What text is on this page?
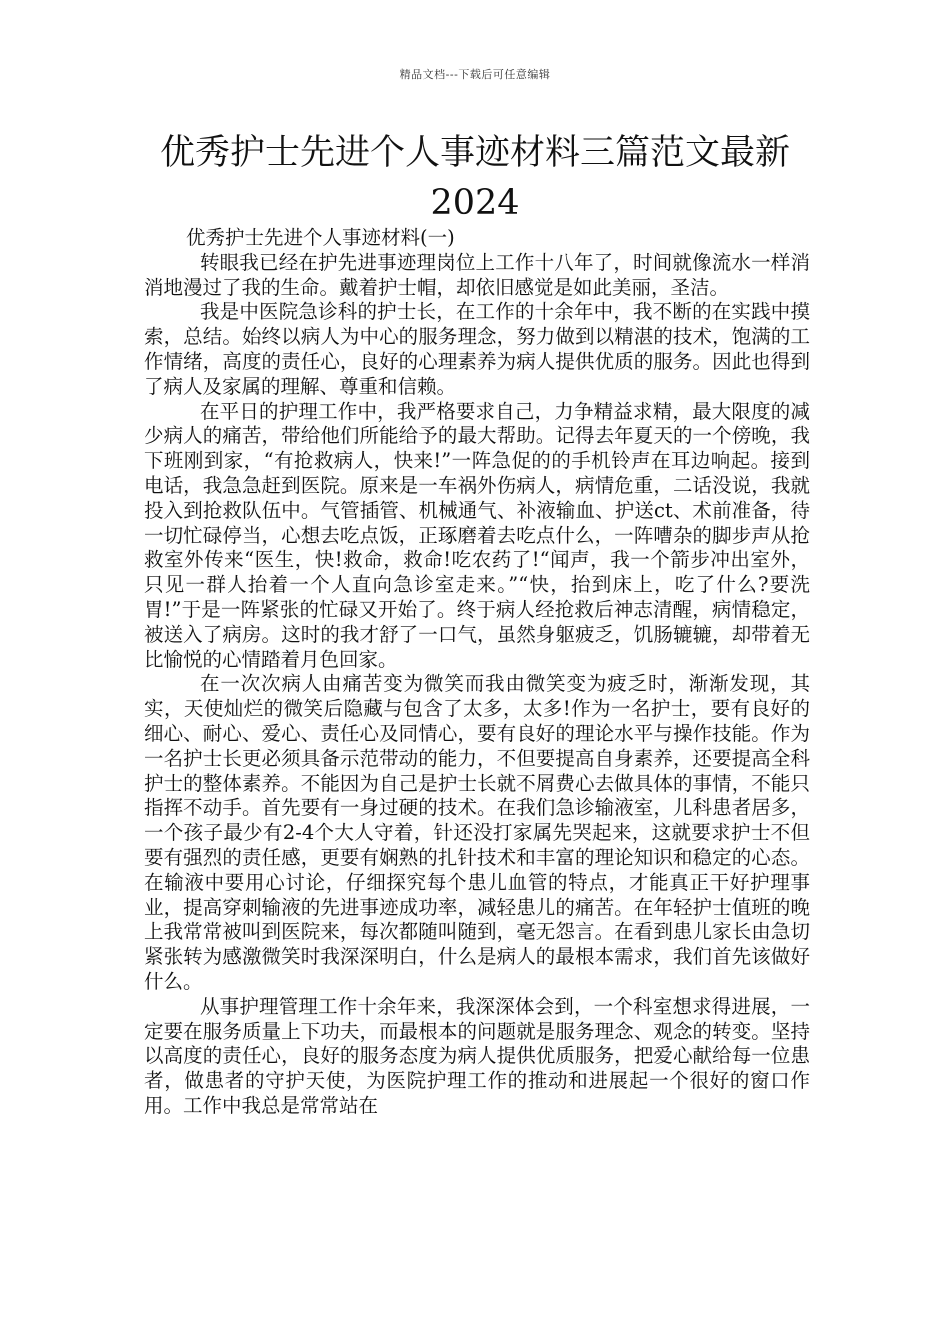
精品文档---下载后可任意编辑
优秀护士先进个人事迹材料三篇范文最新2024
优秀护士先进个人事迹材料(一)

转眼我已经在护先进事迹理岗位上工作十八年了，时间就像流水一样消消地漫过了我的生命。戴着护士帽，却依旧感觉是如此美丽，圣洁。

我是中医院急诊科的护士长，在工作的十余年中，我不断的在实践中摸索，总结。始终以病人为中心的服务理念，努力做到以精湛的技术，饱满的工作情绪，高度的责任心，良好的心理素养为病人提供优质的服务。因此也得到了病人及家属的理解、尊重和信赖。

在平日的护理工作中，我严格要求自己，力争精益求精，最大限度的减少病人的痛苦，带给他们所能给予的最大帮助。记得去年夏天的一个傍晚，我下班刚到家，“有抢救病人，快来!”一阵急促的的手机铃声在耳边响起。接到电话，我急急赶到医院。原来是一车祸外伤病人，病情危重，二话没说，我就投入到抢救队伍中。气管插管、机械通气、补液输血、护送ct、术前准备，待一切忙碌停当，心想去吃点饭，正琢磨着去吃点什么，一阵嘈杂的脚步声从抢救室外传来“医生，快!救命，救命!吃农药了!“闻声，我一个箭步冲出室外，只见一群人抬着一个人直向急诊室走来。”“快，抬到床上，吃了什么?要洗胃!”于是一阵紧张的忙碌又开始了。终于病人经抢救后神志清醒，病情稳定，被送入了病房。这时的我才舒了一口气，虽然身躯疲乏，饥肠辘辘，却带着无比愉悦的心情踏着月色回家。

在一次次病人由痛苦变为微笑而我由微笑变为疲乏时，渐渐发现，其实，天使灿烂的微笑后隐藏与包含了太多，太多!作为一名护士，要有良好的细心、耐心、爱心、责任心及同情心，要有良好的理论水平与操作技能。作为一名护士长更必须具备示范带动的能力，不但要提高自身素养，还要提高全科护士的整体素养。不能因为自己是护士长就不屑费心去做具体的事情，不能只指挥不动手。首先要有一身过硬的技术。在我们急诊输液室，儿科患者居多，一个孩子最少有2-4个大人守着，针还没打家属先哭起来，这就要求护士不但要有强烈的责任感，更要有娴熟的扎针技术和丰富的理论知识和稳定的心态。在输液中要用心讨论，仔细探究每个患儿血管的特点，才能真正干好护理事业，提高穿刺输液的先进事迹成功率，减轻患儿的痛苦。在年轻护士值班的晚上我常常被叫到医院来，每次都随叫随到，毫无怨言。在看到患儿家长由急切紧张转为感激微笑时我深深明白，什么是病人的最根本需求，我们首先该做好什么。

从事护理管理工作十余年来，我深深体会到，一个科室想求得进展，一定要在服务质量上下功夫，而最根本的问题就是服务理念、观念的转变。坚持以高度的责任心，良好的服务态度为病人提供优质服务，把爱心献给每一位患者，做患者的守护天使，为医院护理工作的推动和进展起一个很好的窗口作用。工作中我总是常常站在
